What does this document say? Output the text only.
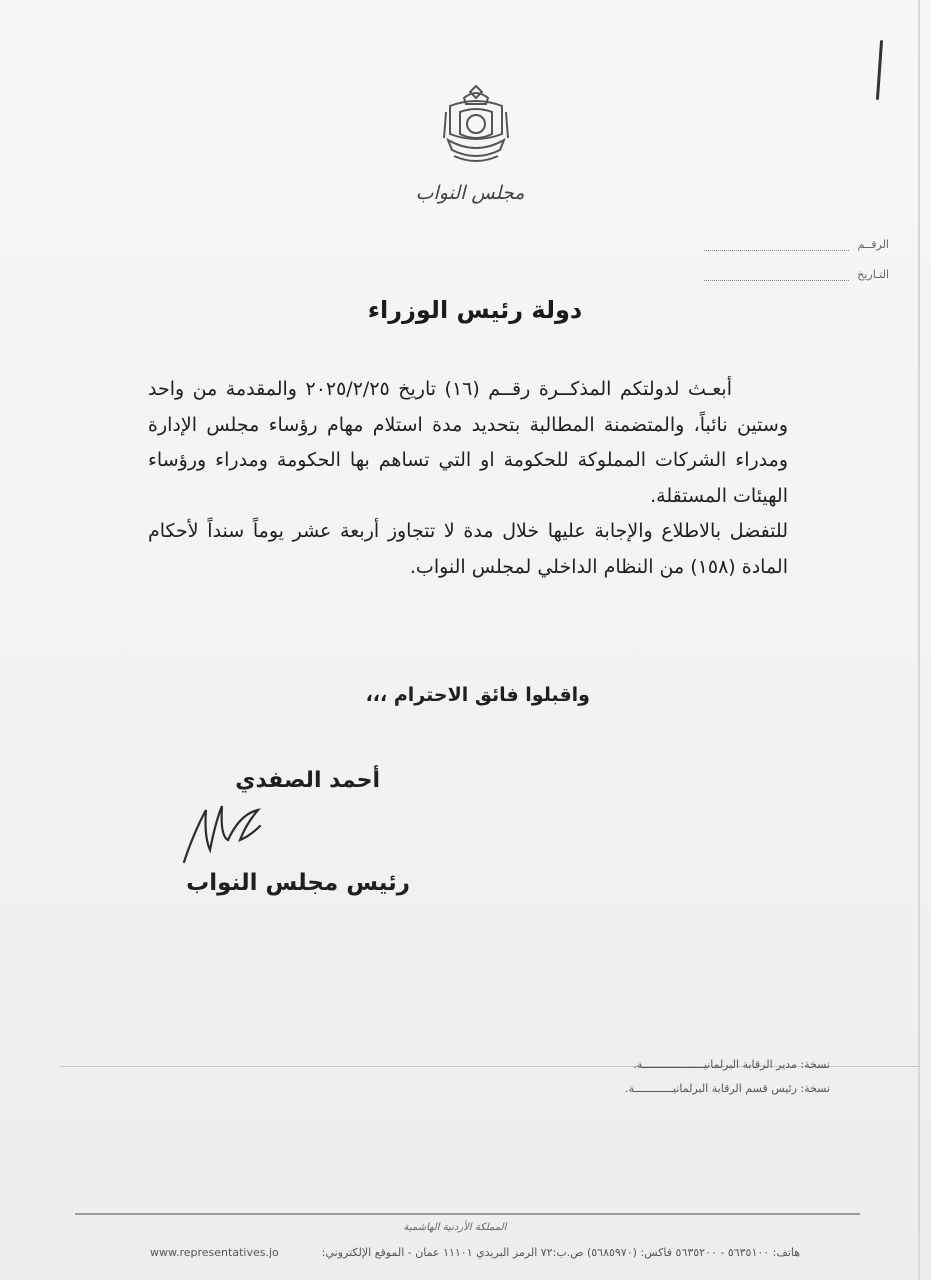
مجلس النواب
الرقــم
التـاريخ
دولة رئيس الوزراء

أبعـث لدولتكم المذكــرة رقــم (١٦) تاريخ ٢٠٢٥/٢/٢٥ والمقدمة من واحد وستين نائباً، والمتضمنة المطالبة بتحديد مدة استلام مهام رؤساء مجلس الإدارة ومدراء الشركات المملوكة للحكومة او التي تساهم بها الحكومة ومدراء ورؤساء الهيئات المستقلة.

للتفضل بالاطلاع والإجابة عليها خلال مدة لا تتجاوز أربعة عشر يوماً سنداً لأحكام المادة (١٥٨) من النظام الداخلي لمجلس النواب.

واقبلوا فائق الاحترام ،،،
أحمد الصفدي
رئيس مجلس النواب
نسخة: مدير الرقابة البرلمانيـــــــــــــــــــة.
نسخة: رئيس قسم الرقابة البرلمانيــــــــــــة.
المملكة الأردنية الهاشمية
www.representatives.jo	هاتف: ٥٦٣٥١٠٠ - ٥٦٣٥٢٠٠ فاكس: (٥٦٨٥٩٧٠) ص.ب:٧٢ الرمز البريدي ١١١٠١ عمان - الموقع الإلكتروني:
